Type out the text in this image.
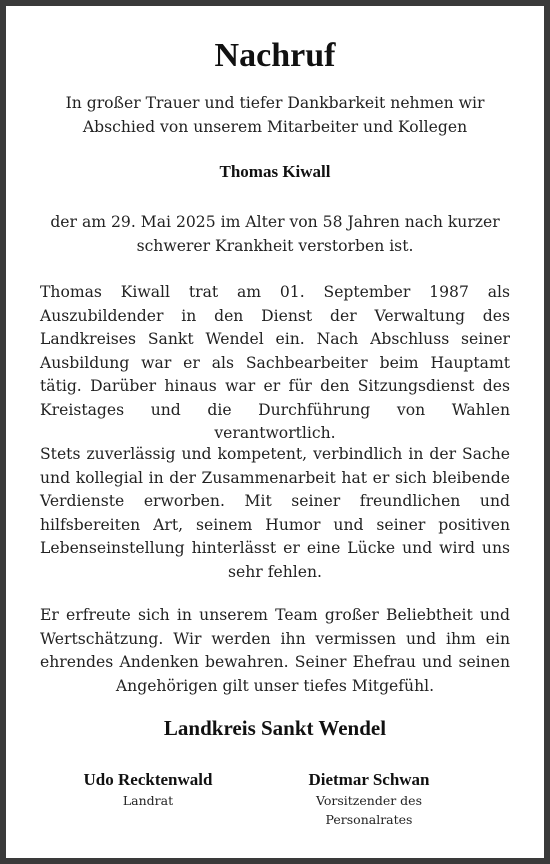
Nachruf
In großer Trauer und tiefer Dankbarkeit nehmen wir Abschied von unserem Mitarbeiter und Kollegen
Thomas Kiwall
der am 29. Mai 2025 im Alter von 58 Jahren nach kurzer schwerer Krankheit verstorben ist.
Thomas Kiwall trat am 01. September 1987 als Auszubildender in den Dienst der Verwaltung des Landkreises Sankt Wendel ein. Nach Abschluss seiner Ausbildung war er als Sachbearbeiter beim Hauptamt tätig. Darüber hinaus war er für den Sitzungsdienst des Kreistages und die Durchführung von Wahlen verantwortlich.
Stets zuverlässig und kompetent, verbindlich in der Sache und kollegial in der Zusammenarbeit hat er sich bleibende Verdienste erworben. Mit seiner freundlichen und hilfsbereiten Art, seinem Humor und seiner positiven Lebenseinstellung hinterlässt er eine Lücke und wird uns sehr fehlen.
Er erfreute sich in unserem Team großer Beliebtheit und Wertschätzung. Wir werden ihn vermissen und ihm ein ehrendes Andenken bewahren. Seiner Ehefrau und seinen Angehörigen gilt unser tiefes Mitgefühl.
Landkreis Sankt Wendel
Udo Recktenwald
Landrat
Dietmar Schwan
Vorsitzender des Personalrates
